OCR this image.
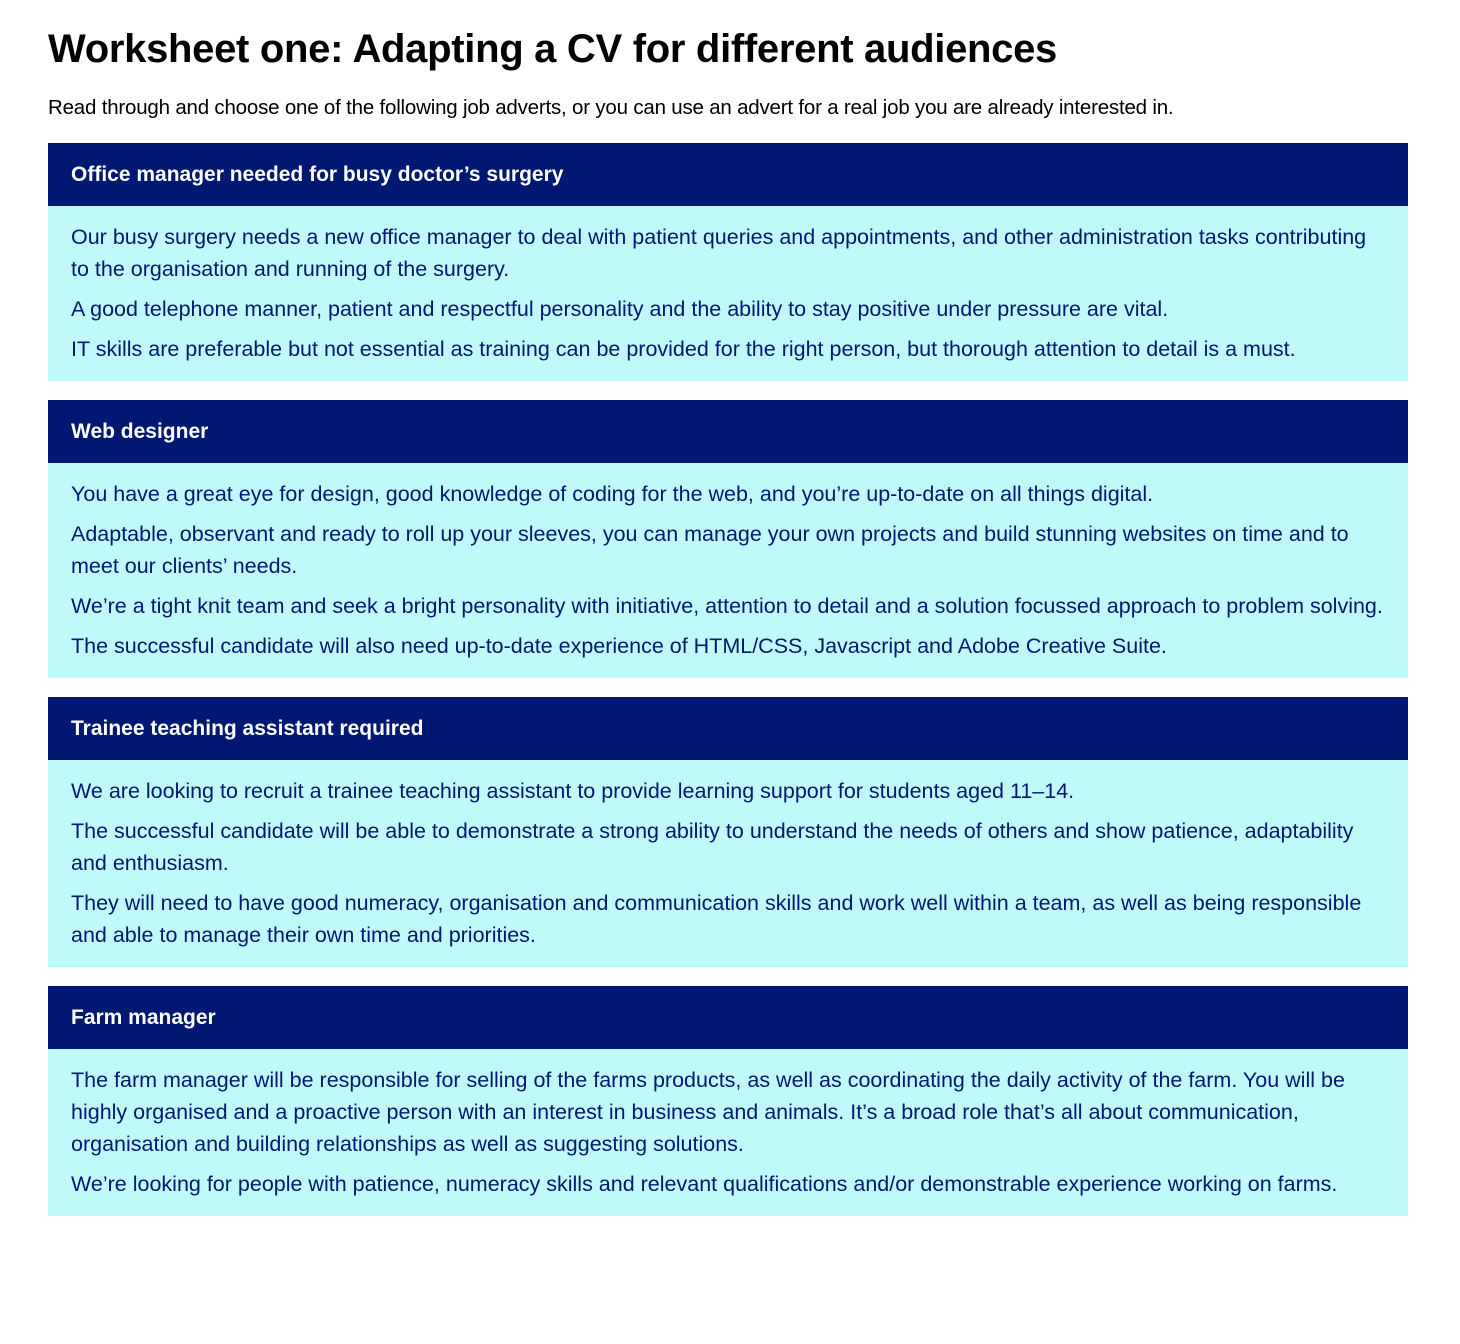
Worksheet one: Adapting a CV for different audiences

Read through and choose one of the following job adverts, or you can use an advert for a real job you are already interested in.

Office manager needed for busy doctor’s surgery

Our busy surgery needs a new office manager to deal with patient queries and appointments, and other administration tasks contributing to the organisation and running of the surgery.

A good telephone manner, patient and respectful personality and the ability to stay positive under pressure are vital.

IT skills are preferable but not essential as training can be provided for the right person, but thorough attention to detail is a must.

Web designer

You have a great eye for design, good knowledge of coding for the web, and you’re up-to-date on all things digital.

Adaptable, observant and ready to roll up your sleeves, you can manage your own projects and build stunning websites on time and to meet our clients’ needs.

We’re a tight knit team and seek a bright personality with initiative, attention to detail and a solution focussed approach to problem solving.

The successful candidate will also need up-to-date experience of HTML/CSS, Javascript and Adobe Creative Suite.

Trainee teaching assistant required

We are looking to recruit a trainee teaching assistant to provide learning support for students aged 11–14.

The successful candidate will be able to demonstrate a strong ability to understand the needs of others and show patience, adaptability and enthusiasm.

They will need to have good numeracy, organisation and communication skills and work well within a team, as well as being responsible and able to manage their own time and priorities.

Farm manager

The farm manager will be responsible for selling of the farms products, as well as coordinating the daily activity of the farm. You will be highly organised and a proactive person with an interest in business and animals. It’s a broad role that’s all about communication, organisation and building relationships as well as suggesting solutions.

We’re looking for people with patience, numeracy skills and relevant qualifications and/or demonstrable experience working on farms.
